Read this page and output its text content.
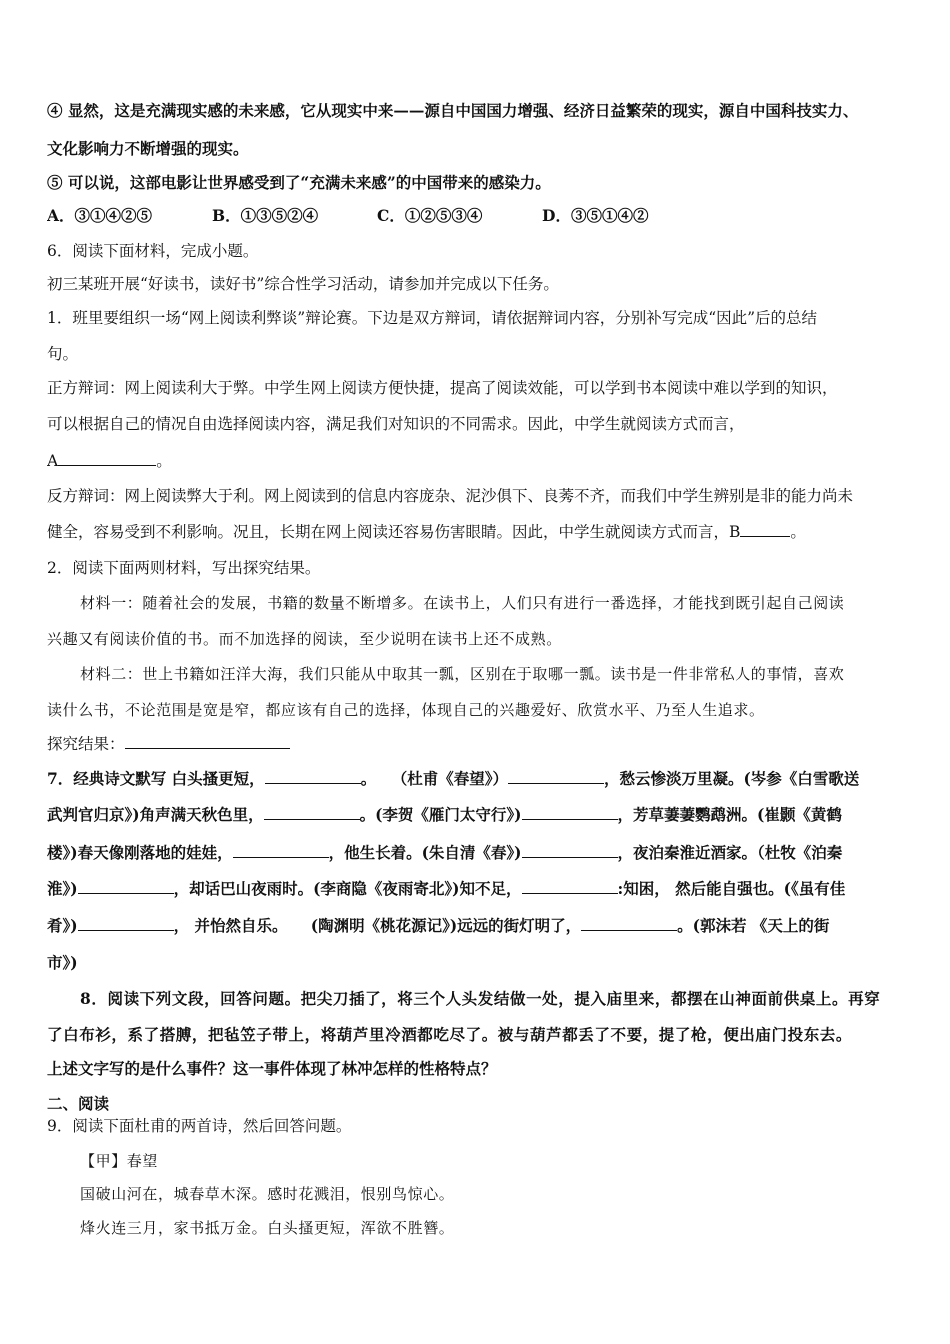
④ 显然，这是充满现实感的未来感，它从现实中来——源自中国国力增强、经济日益繁荣的现实，源自中国科技实力、
文化影响力不断增强的现实。
⑤ 可以说，这部电影让世界感受到了“充满未来感”的中国带来的感染力。
A．③①④②⑤	B．①③⑤②④	C．①②⑤③④	D．③⑤①④②
6．阅读下面材料，完成小题。
初三某班开展“好读书，读好书”综合性学习活动，请参加并完成以下任务。
1．班里要组织一场“网上阅读利弊谈”辩论赛。下边是双方辩词，请依据辩词内容，分别补写完成“因此”后的总结
句。
正方辩词：网上阅读利大于弊。中学生网上阅读方便快捷，提高了阅读效能，可以学到书本阅读中难以学到的知识，
可以根据自己的情况自由选择阅读内容，满足我们对知识的不同需求。因此，中学生就阅读方式而言，
A	。
反方辩词：网上阅读弊大于利。网上阅读到的信息内容庞杂、泥沙俱下、良莠不齐，而我们中学生辨别是非的能力尚未
健全，容易受到不利影响。况且，长期在网上阅读还容易伤害眼睛。因此，中学生就阅读方式而言，B	。
2．阅读下面两则材料，写出探究结果。
材料一：随着社会的发展，书籍的数量不断增多。在读书上，人们只有进行一番选择，才能找到既引起自己阅读
兴趣又有阅读价值的书。而不加选择的阅读，至少说明在读书上还不成熟。
材料二：世上书籍如汪洋大海，我们只能从中取其一瓢，区别在于取哪一瓢。读书是一件非常私人的事情，喜欢
读什么书，不论范围是宽是窄，都应该有自己的选择，体现自己的兴趣爱好、欣赏水平、乃至人生追求。
探究结果：
7．经典诗文默写 白头搔更短，	。　　（杜甫《春望》）	，愁云惨淡万里凝。(岑参《白雪歌送
武判官归京》)角声满天秋色里，	。(李贺《雁门太守行》)	，芳草萋萋鹦鹉洲。(崔颢《黄鹤
楼》)春天像刚落地的娃娃，	，他生长着。(朱自清《春》)	，夜泊秦淮近酒家。（杜牧《泊秦
淮》)	，却话巴山夜雨时。(李商隐《夜雨寄北》)知不足，	:知困， 然后能自强也。(《虽有佳
肴》)	， 并怡然自乐。　　(陶渊明《桃花源记》)远远的街灯明了，	。(郭沫若 《天上的街
市》)
8．阅读下列文段，回答问题。把尖刀插了，将三个人头发结做一处，提入庙里来，都摆在山神面前供桌上。再穿
了白布衫，系了搭膊，把毡笠子带上，将葫芦里冷酒都吃尽了。被与葫芦都丢了不要，提了枪，便出庙门投东去。
上述文字写的是什么事件？这一事件体现了林冲怎样的性格特点？
二、阅读
9．阅读下面杜甫的两首诗，然后回答问题。
【甲】春望
国破山河在，城春草木深。感时花溅泪，恨别鸟惊心。
烽火连三月，家书抵万金。白头搔更短，浑欲不胜簪。
